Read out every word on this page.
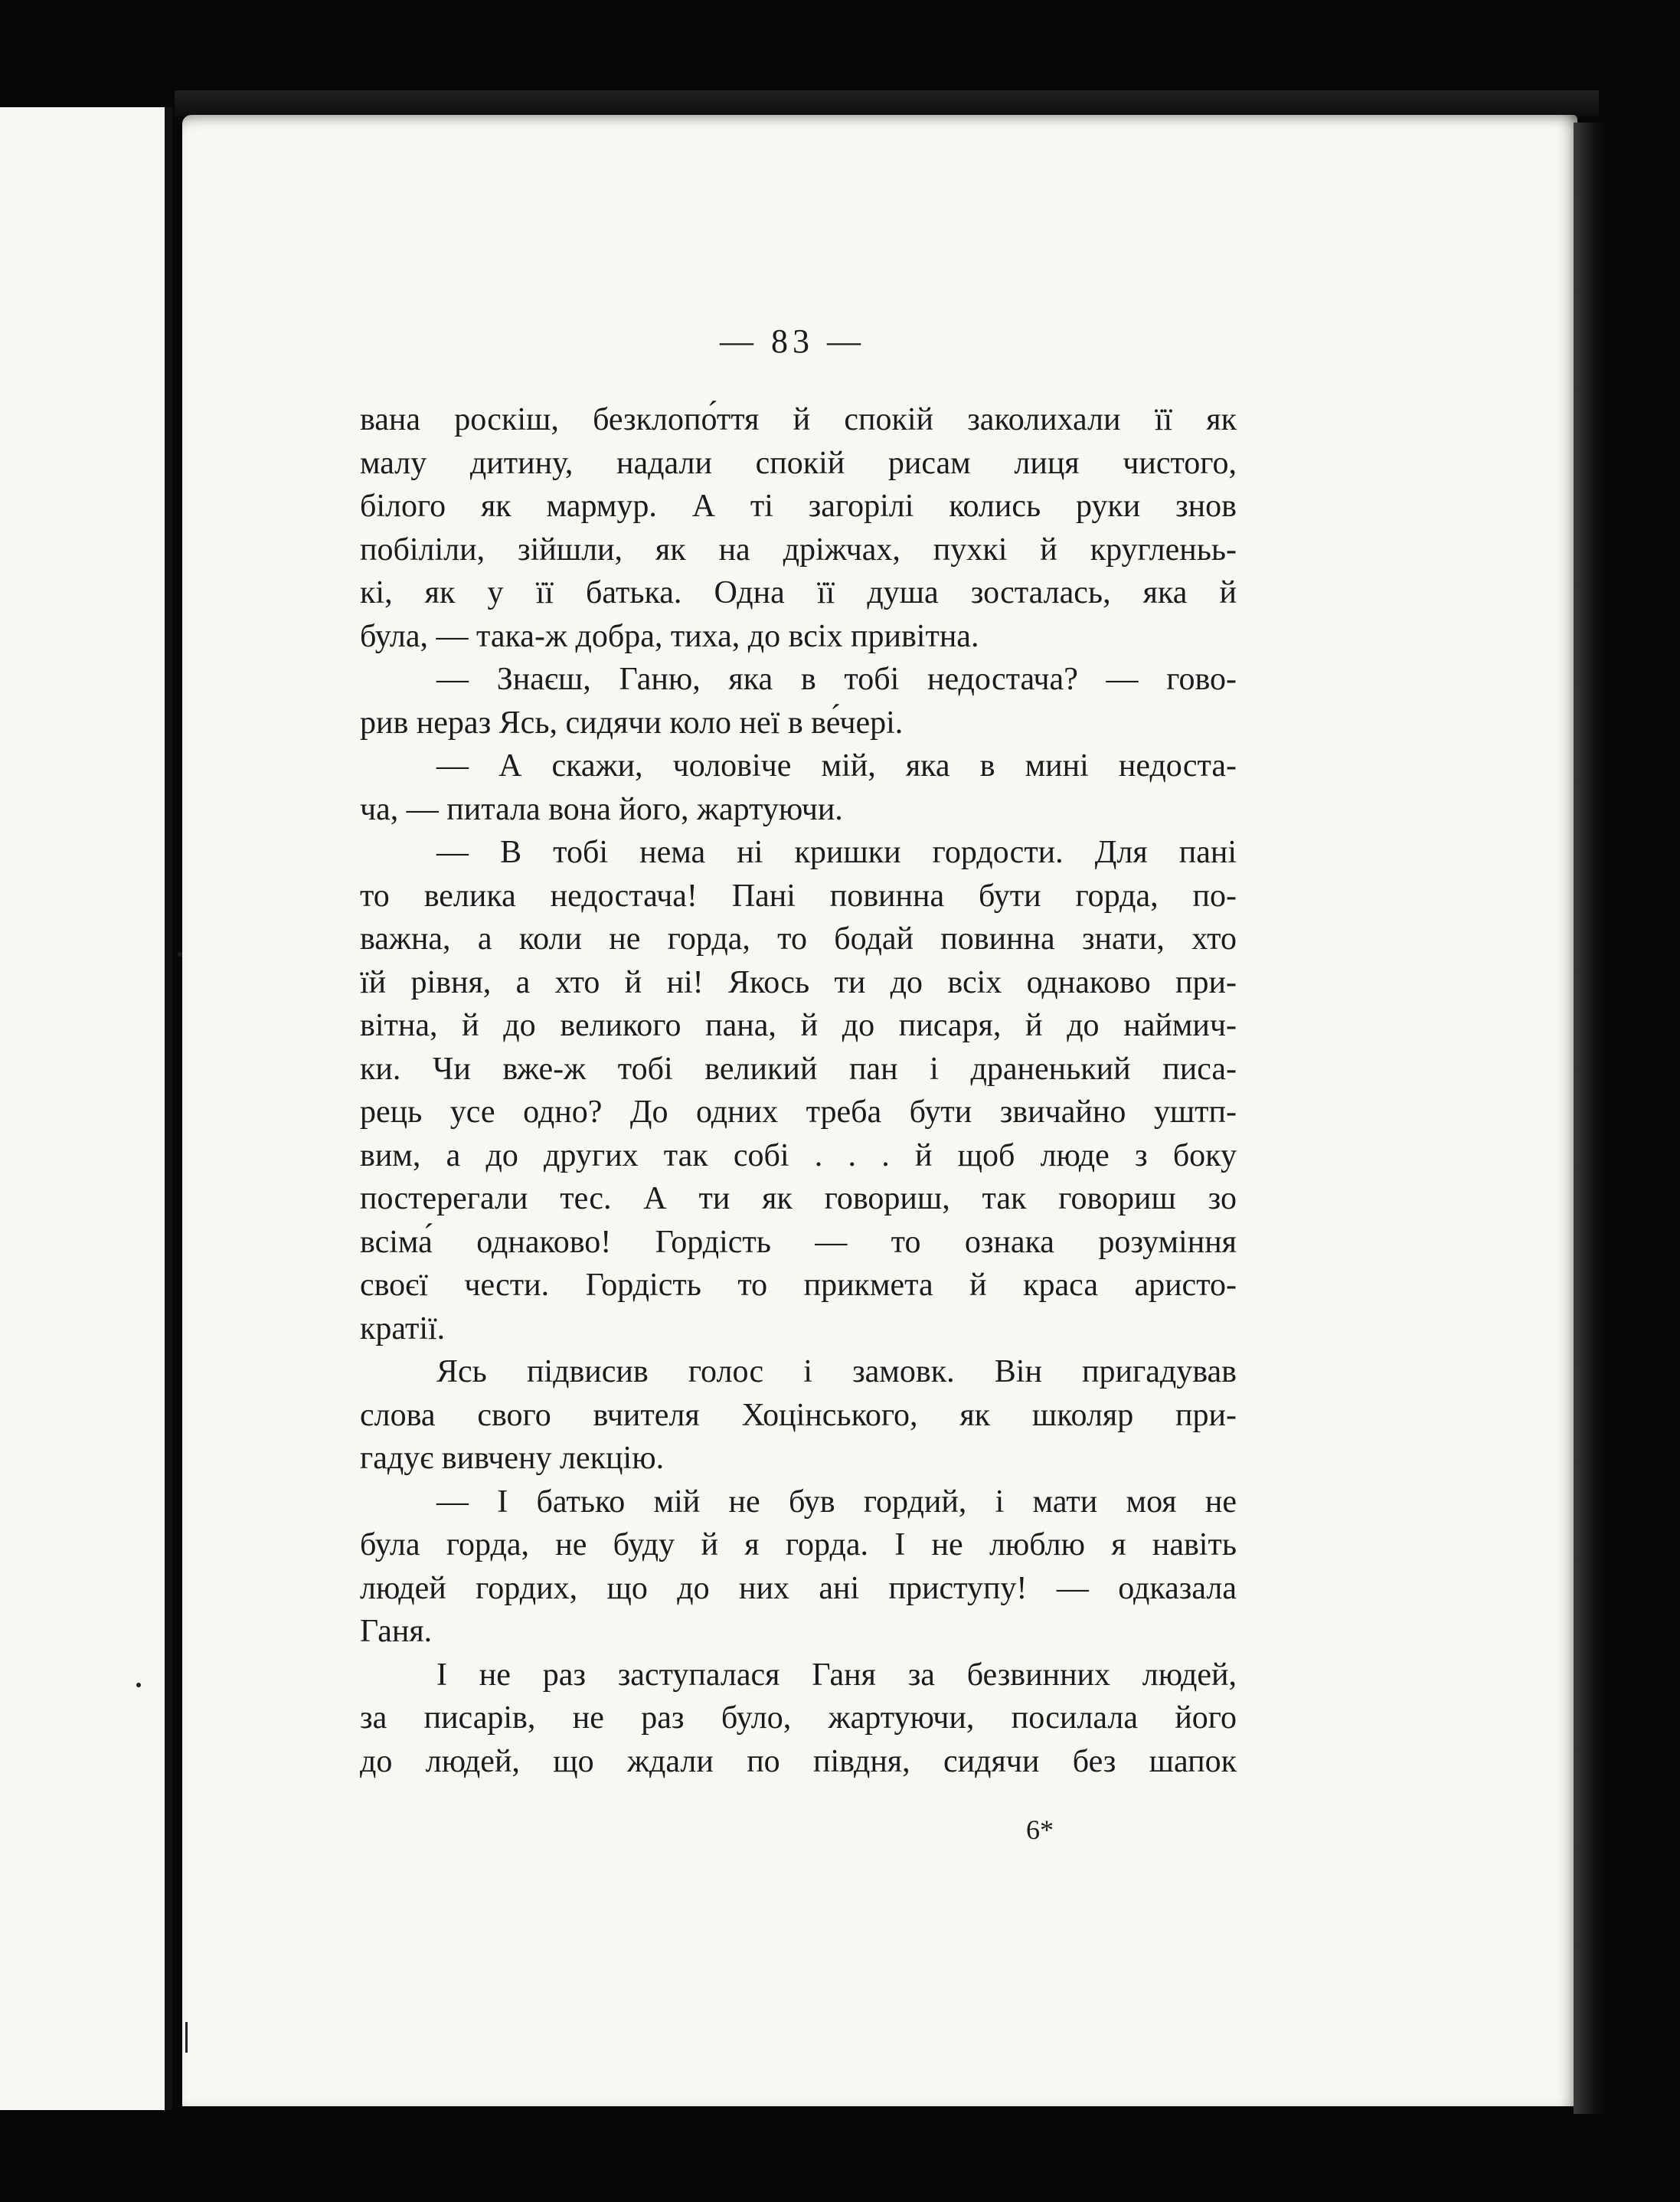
— 83 —
вана роскіш, безклопо́ття й спокій заколихали її як
малу дитину, надали спокій рисам лиця чистого,
білого як мармур. А ті загорілі колись руки знов
побіліли, зійшли, як на дріжчах, пухкі й кругленьь-
кі, як у її батька. Одна її душа зосталась, яка й
була, — така-ж добра, тиха, до всіх привітна.
— Знаєш, Ганю, яка в тобі недостача? — гово-
рив нераз Ясь, сидячи коло неї в ве́чері.
— А скажи, чоловіче мій, яка в мині недоста-
ча, — питала вона його, жартуючи.
— В тобі нема ні кришки гордости. Для пані
то велика недостача! Пані повинна бути горда, по-
важна, а коли не горда, то бодай повинна знати, хто
їй рівня, а хто й ні! Якось ти до всіх однаково при-
вітна, й до великого пана, й до писаря, й до наймич-
ки. Чи вже-ж тобі великий пан і драненький писа-
рець усе одно? До одних треба бути звичайно уштп-
вим, а до других так собі . . . й щоб люде з боку
постерегали тес. А ти як говориш, так говориш зо
всіма́ однаково! Гордість — то ознака розуміння
своєї чести. Гордість то прикмета й краса аристо-
кратії.
Ясь підвисив голос і замовк. Він пригадував
слова свого вчителя Хоцінського, як школяр при-
гадує вивчену лекцію.
— І батько мій не був гордий, і мати моя не
була горда, не буду й я горда. І не люблю я навіть
людей гордих, що до них ані приступу! — одказала
Ганя.
І не раз заступалася Ганя за безвинних людей,
за писарів, не раз було, жартуючи, посилала його
до людей, що ждали по півдня, сидячи без шапок
6*
